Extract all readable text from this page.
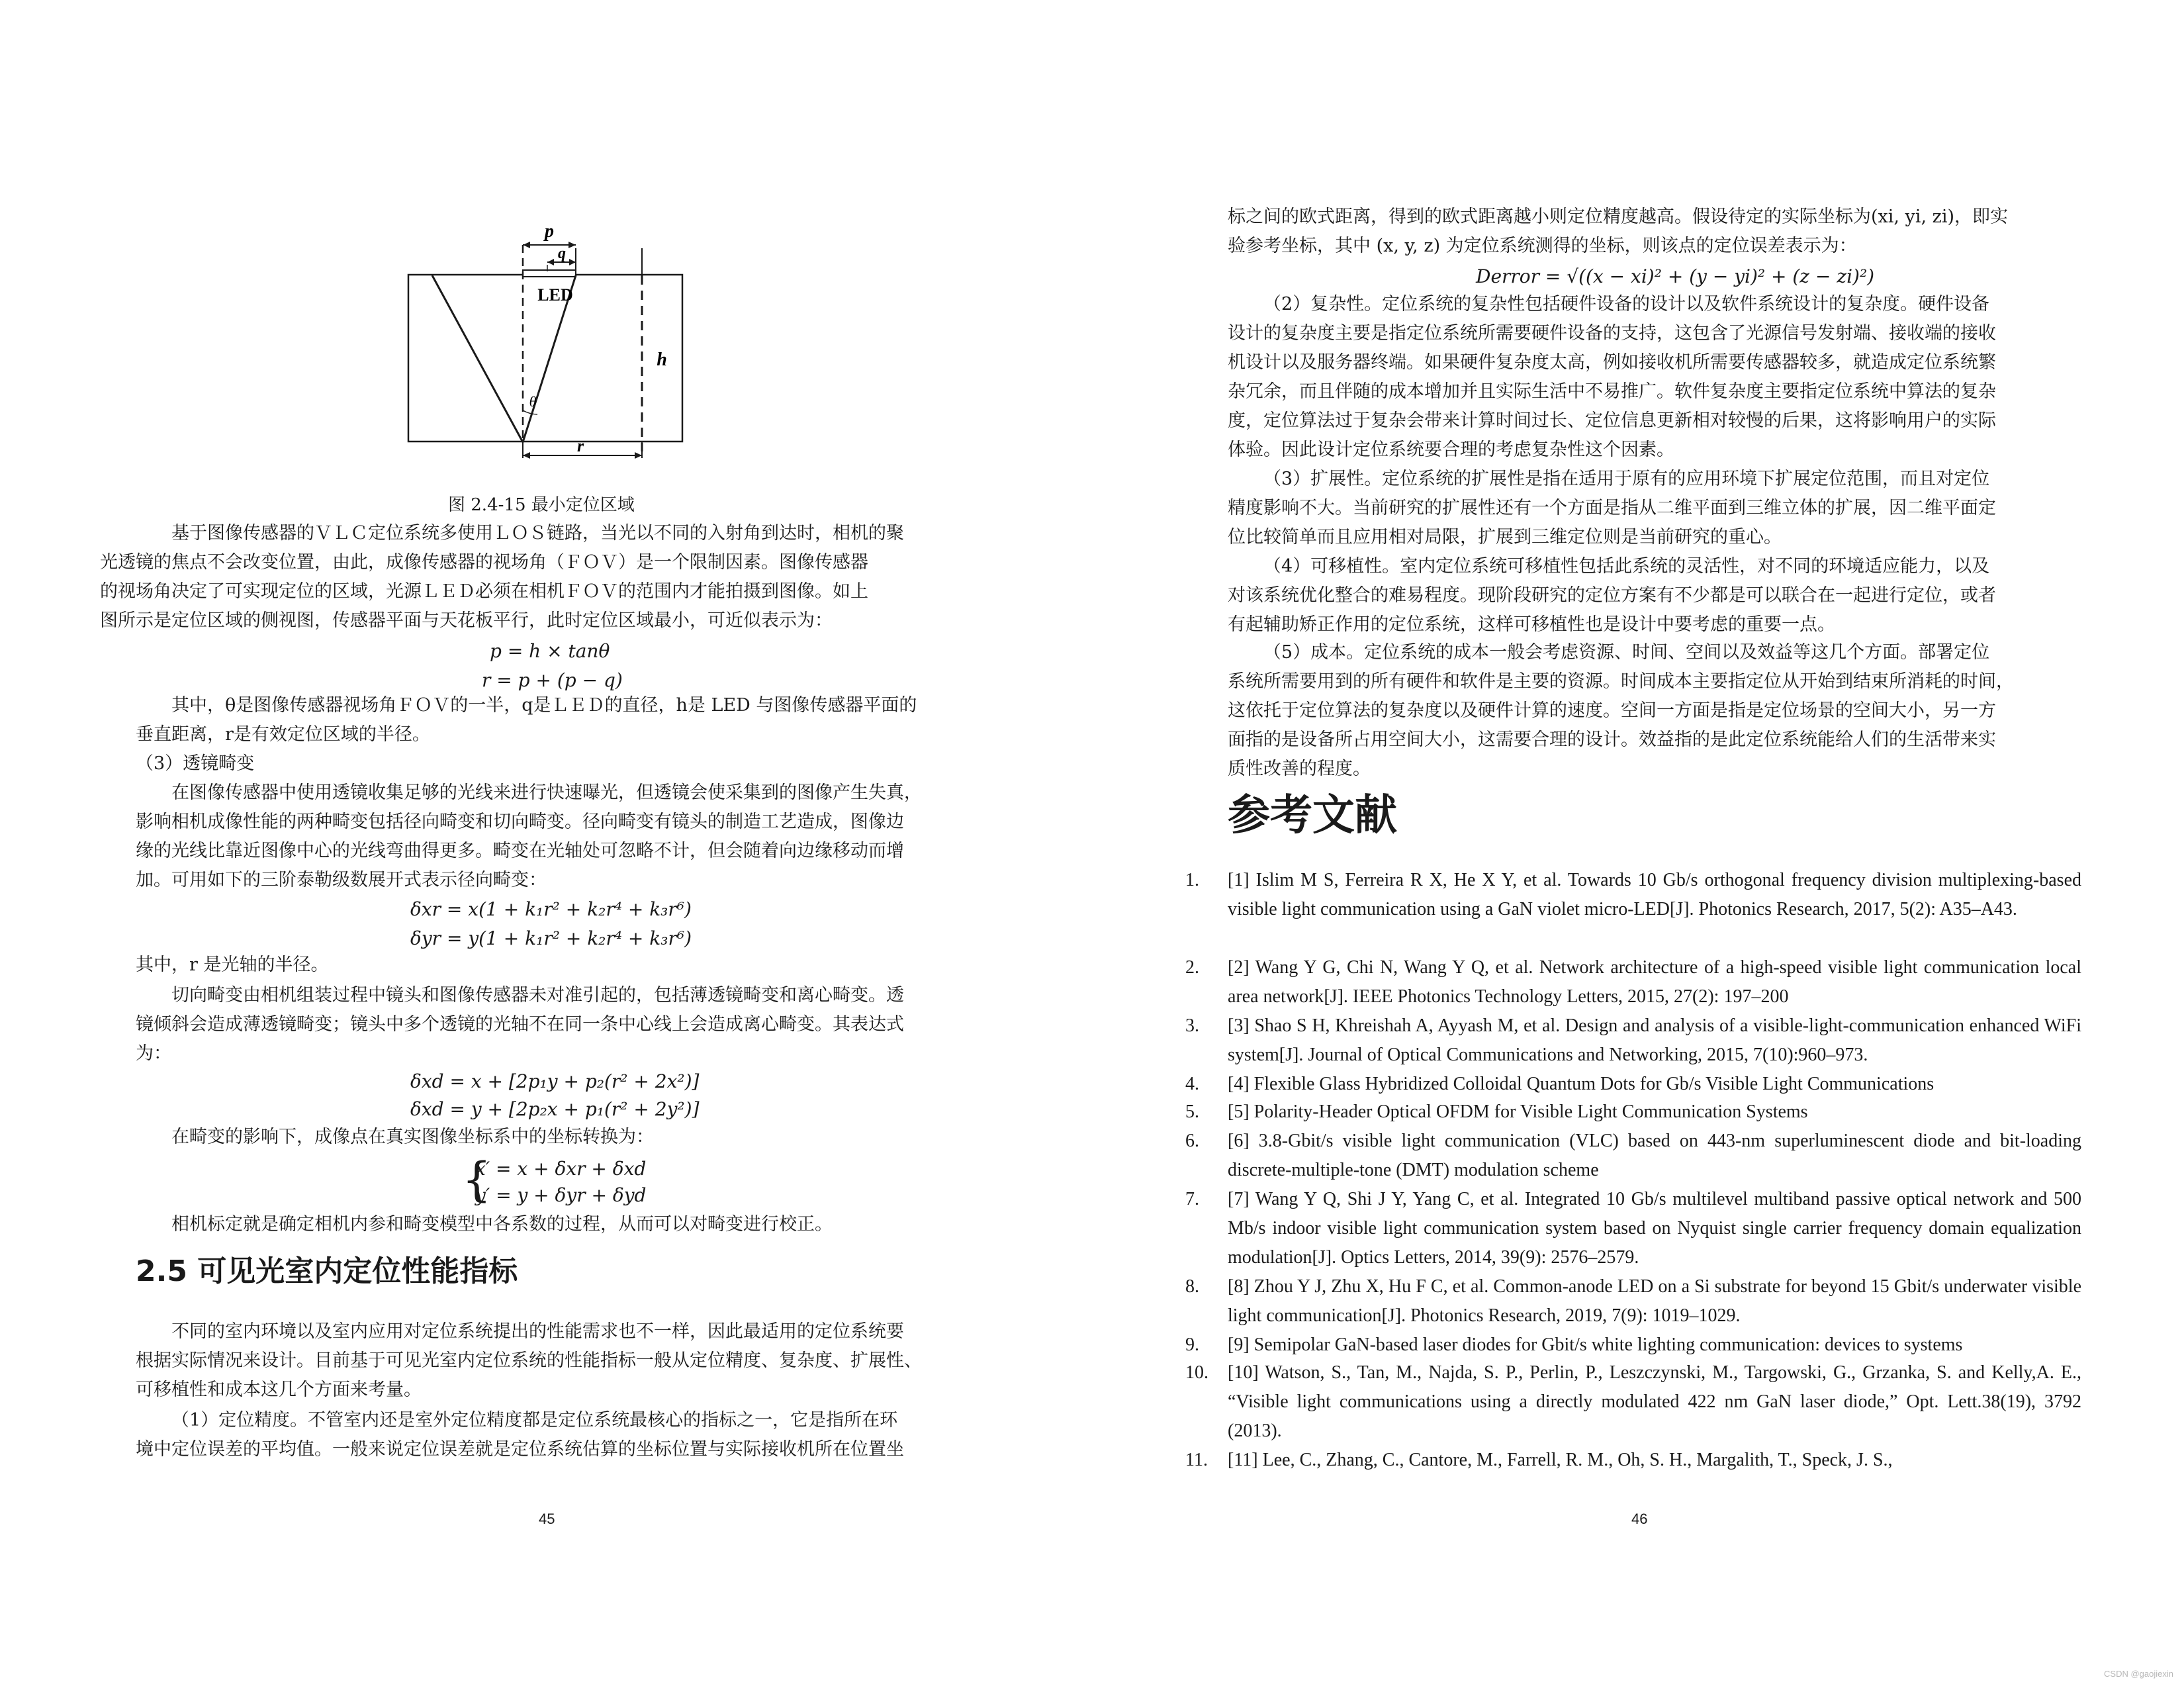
p
q
LED
h
θ
r
图 2.4-15 最小定位区域

基于图像传感器的ＶＬＣ定位系统多使用ＬＯＳ链路，当光以不同的入射角到达时，相机的聚
光透镜的焦点不会改变位置，由此，成像传感器的视场角（ＦＯＶ）是一个限制因素。图像传感器
的视场角决定了可实现定位的区域，光源ＬＥＤ必须在相机ＦＯＶ的范围内才能拍摄到图像。如上
图所示是定位区域的侧视图，传感器平面与天花板平行，此时定位区域最小，可近似表示为：

p = h × tanθ
r = p + (p − q)

其中，θ是图像传感器视场角ＦＯＶ的一半，q是ＬＥＤ的直径，h是 LED 与图像传感器平面的
垂直距离，r是有效定位区域的半径。

（3）透镜畸变

在图像传感器中使用透镜收集足够的光线来进行快速曝光，但透镜会使采集到的图像产生失真，
影响相机成像性能的两种畸变包括径向畸变和切向畸变。径向畸变有镜头的制造工艺造成，图像边
缘的光线比靠近图像中心的光线弯曲得更多。畸变在光轴处可忽略不计，但会随着向边缘移动而增
加。可用如下的三阶泰勒级数展开式表示径向畸变：

δxr = x(1 + k₁r² + k₂r⁴ + k₃r⁶)
δyr = y(1 + k₁r² + k₂r⁴ + k₃r⁶)
其中，r 是光轴的半径。

切向畸变由相机组装过程中镜头和图像传感器未对准引起的，包括薄透镜畸变和离心畸变。透
镜倾斜会造成薄透镜畸变；镜头中多个透镜的光轴不在同一条中心线上会造成离心畸变。其表达式
为：

δxd = x + [2p₁y + p₂(r² + 2x²)]
δxd = y + [2p₂x + p₁(r² + 2y²)]
在畸变的影响下，成像点在真实图像坐标系中的坐标转换为：
{
x′ = x + δxr + δxd
y′ = y + δyr + δyd
相机标定就是确定相机内参和畸变模型中各系数的过程，从而可以对畸变进行校正。
2.5 可见光室内定位性能指标

不同的室内环境以及室内应用对定位系统提出的性能需求也不一样，因此最适用的定位系统要
根据实际情况来设计。目前基于可见光室内定位系统的性能指标一般从定位精度、复杂度、扩展性、
可移植性和成本这几个方面来考量。

（1）定位精度。不管室内还是室外定位精度都是定位系统最核心的指标之一，它是指所在环
境中定位误差的平均值。一般来说定位误差就是定位系统估算的坐标位置与实际接收机所在位置坐

45

标之间的欧式距离，得到的欧式距离越小则定位精度越高。假设待定的实际坐标为(xi, yi, zi)，即实
验参考坐标，其中 (x, y, z) 为定位系统测得的坐标，则该点的定位误差表示为：

Derror = √((x − xi)² + (y − yi)² + (z − zi)²)

（2）复杂性。定位系统的复杂性包括硬件设备的设计以及软件系统设计的复杂度。硬件设备
设计的复杂度主要是指定位系统所需要硬件设备的支持，这包含了光源信号发射端、接收端的接收
机设计以及服务器终端。如果硬件复杂度太高，例如接收机所需要传感器较多，就造成定位系统繁
杂冗余，而且伴随的成本增加并且实际生活中不易推广。软件复杂度主要指定位系统中算法的复杂
度，定位算法过于复杂会带来计算时间过长、定位信息更新相对较慢的后果，这将影响用户的实际
体验。因此设计定位系统要合理的考虑复杂性这个因素。

（3）扩展性。定位系统的扩展性是指在适用于原有的应用环境下扩展定位范围，而且对定位
精度影响不大。当前研究的扩展性还有一个方面是指从二维平面到三维立体的扩展，因二维平面定
位比较简单而且应用相对局限，扩展到三维定位则是当前研究的重心。

（4）可移植性。室内定位系统可移植性包括此系统的灵活性，对不同的环境适应能力，以及
对该系统优化整合的难易程度。现阶段研究的定位方案有不少都是可以联合在一起进行定位，或者
有起辅助矫正作用的定位系统，这样可移植性也是设计中要考虑的重要一点。

（5）成本。定位系统的成本一般会考虑资源、时间、空间以及效益等这几个方面。部署定位
系统所需要用到的所有硬件和软件是主要的资源。时间成本主要指定位从开始到结束所消耗的时间，
这依托于定位算法的复杂度以及硬件计算的速度。空间一方面是指是定位场景的空间大小，另一方
面指的是设备所占用空间大小，这需要合理的设计。效益指的是此定位系统能给人们的生活带来实
质性改善的程度。

参考文献
1. [1] Islim M S, Ferreira R X, He X Y, et al. Towards 10 Gb/s orthogonal frequency division multiplexing-based visible light communication using a GaN violet micro-LED[J]. Photonics Research, 2017, 5(2): A35–A43.
2. [2] Wang Y G, Chi N, Wang Y Q, et al. Network architecture of a high-speed visible light communication local area network[J]. IEEE Photonics Technology Letters, 2015, 27(2): 197–200
3. [3] Shao S H, Khreishah A, Ayyash M, et al. Design and analysis of a visible-light-communication enhanced WiFi system[J]. Journal of Optical Communications and Networking, 2015, 7(10):960–973.
4. [4] Flexible Glass Hybridized Colloidal Quantum Dots for Gb/s Visible Light Communications
5. [5] Polarity-Header Optical OFDM for Visible Light Communication Systems
6. [6] 3.8-Gbit/s visible light communication (VLC) based on 443-nm superluminescent diode and bit-loading discrete-multiple-tone (DMT) modulation scheme
7. [7] Wang Y Q, Shi J Y, Yang C, et al. Integrated 10 Gb/s multilevel multiband passive optical network and 500 Mb/s indoor visible light communication system based on Nyquist single carrier frequency domain equalization modulation[J]. Optics Letters, 2014, 39(9): 2576–2579.
8. [8] Zhou Y J, Zhu X, Hu F C, et al. Common-anode LED on a Si substrate for beyond 15 Gbit/s underwater visible light communication[J]. Photonics Research, 2019, 7(9): 1019–1029.
9. [9] Semipolar GaN-based laser diodes for Gbit/s white lighting communication: devices to systems
10. [10] Watson, S., Tan, M., Najda, S. P., Perlin, P., Leszczynski, M., Targowski, G., Grzanka, S. and Kelly,A. E., “Visible light communications using a directly modulated 422 nm GaN laser diode,” Opt. Lett.38(19), 3792 (2013).
11. [11] Lee, C., Zhang, C., Cantore, M., Farrell, R. M., Oh, S. H., Margalith, T., Speck, J. S.,
46
CSDN @gaojiexin
